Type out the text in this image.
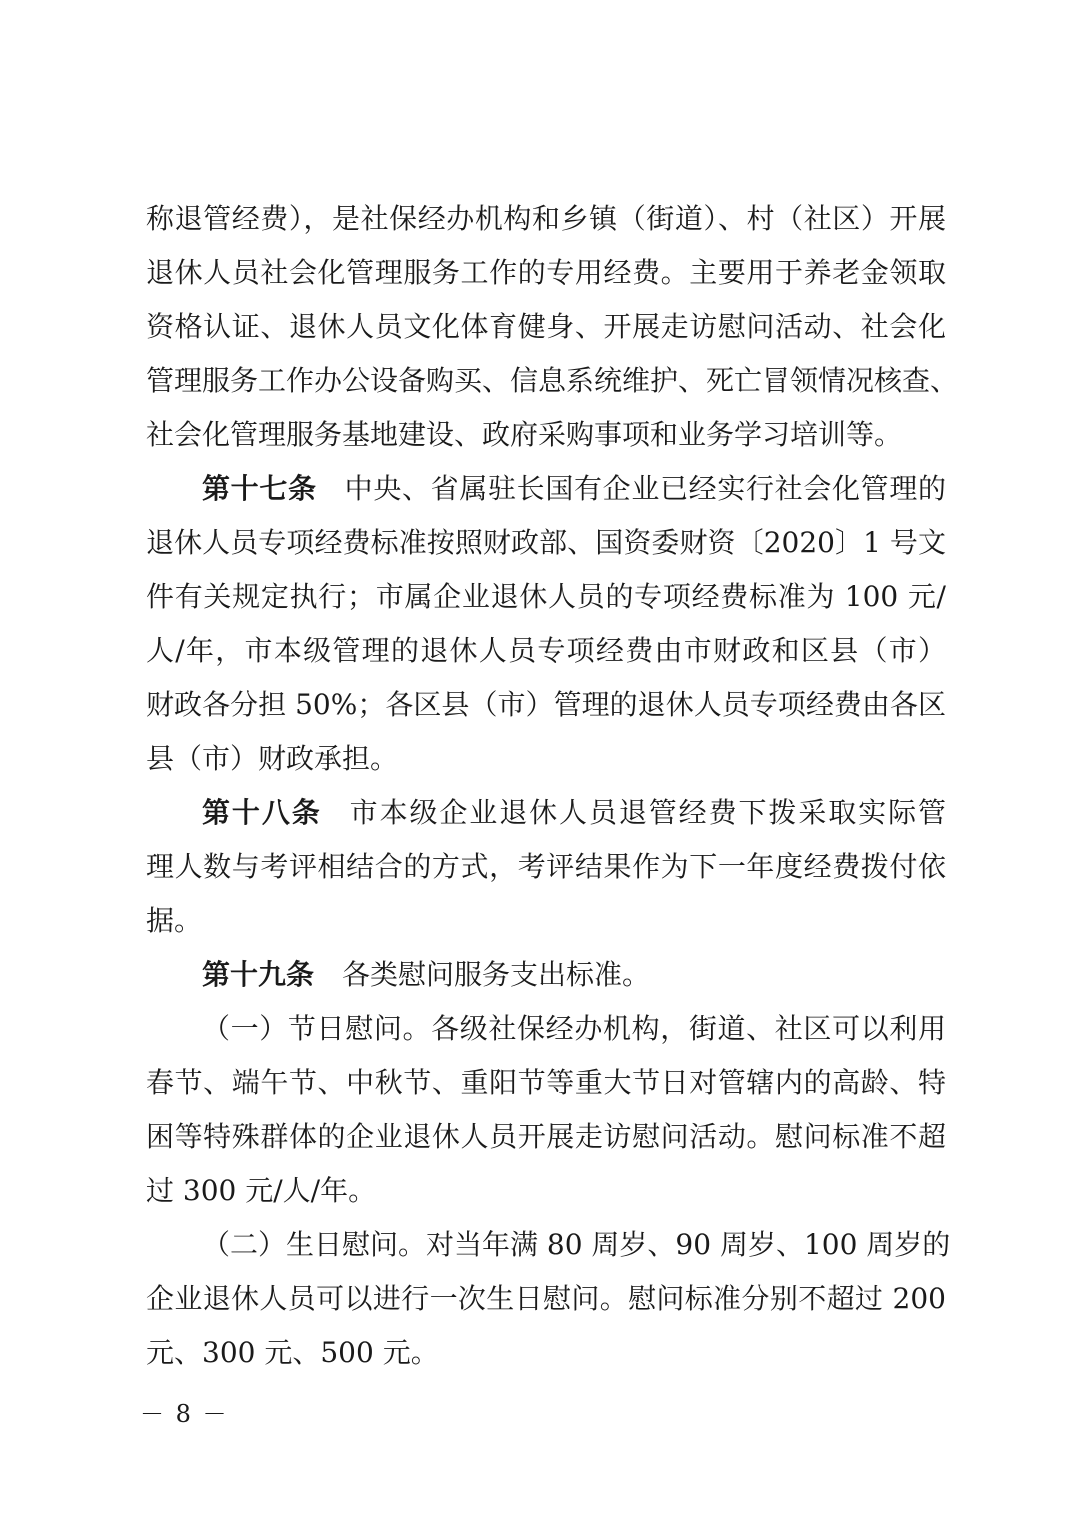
称退管经费），是社保经办机构和乡镇（街道）、村（社区）开展
退休人员社会化管理服务工作的专用经费。主要用于养老金领取
资格认证、退休人员文化体育健身、开展走访慰问活动、社会化
管理服务工作办公设备购买、信息系统维护、死亡冒领情况核查、
社会化管理服务基地建设、政府采购事项和业务学习培训等。
第十七条 中央、省属驻长国有企业已经实行社会化管理的
退休人员专项经费标准按照财政部、国资委财资〔2020〕1 号文
件有关规定执行；市属企业退休人员的专项经费标准为 100 元/
人/年，市本级管理的退休人员专项经费由市财政和区县（市）
财政各分担 50%；各区县（市）管理的退休人员专项经费由各区
县（市）财政承担。
第十八条 市本级企业退休人员退管经费下拨采取实际管
理人数与考评相结合的方式，考评结果作为下一年度经费拨付依
据。
第十九条 各类慰问服务支出标准。
（一）节日慰问。各级社保经办机构，街道、社区可以利用
春节、端午节、中秋节、重阳节等重大节日对管辖内的高龄、特
困等特殊群体的企业退休人员开展走访慰问活动。慰问标准不超
过 300 元/人/年。
（二）生日慰问。对当年满 80 周岁、90 周岁、100 周岁的
企业退休人员可以进行一次生日慰问。慰问标准分别不超过 200
元、300 元、500 元。
－ 8 －
